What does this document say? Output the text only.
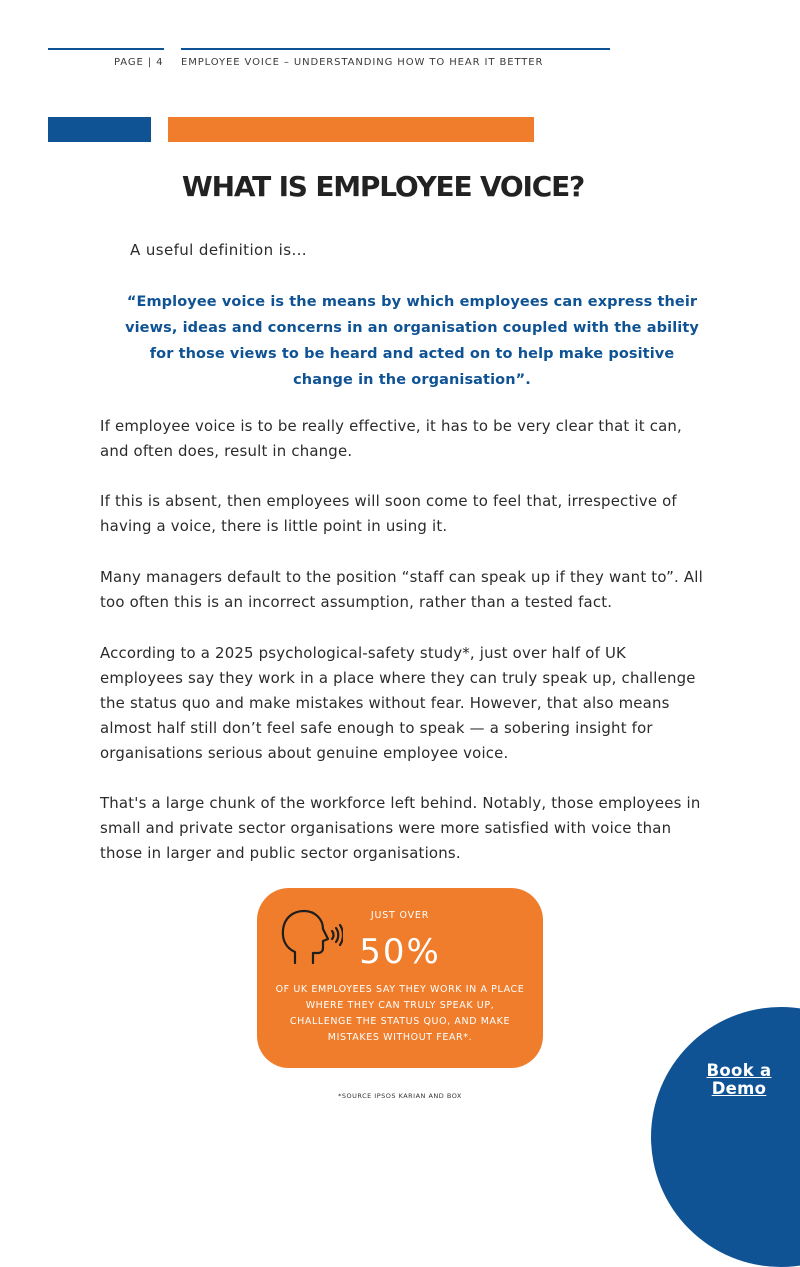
PAGE | 4 EMPLOYEE VOICE – UNDERSTANDING HOW TO HEAR IT BETTER
WHAT IS EMPLOYEE VOICE?
A useful definition is...
“Employee voice is the means by which employees can express their views, ideas and concerns in an organisation coupled with the ability for those views to be heard and acted on to help make positive change in the organisation”.
If employee voice is to be really effective, it has to be very clear that it can,
and often does, result in change.
If this is absent, then employees will soon come to feel that, irrespective of
having a voice, there is little point in using it.
Many managers default to the position “staff can speak up if they want to”. All
too often this is an incorrect assumption, rather than a tested fact.
According to a 2025 psychological-safety study*, just over half of UK
employees say they work in a place where they can truly speak up, challenge
the status quo and make mistakes without fear. However, that also means
almost half still don’t feel safe enough to speak — a sobering insight for
organisations serious about genuine employee voice.
That's a large chunk of the workforce left behind. Notably, those employees in
small and private sector organisations were more satisfied with voice than
those in larger and public sector organisations.
JUST OVER
50%
OF UK EMPLOYEES SAY THEY WORK IN A PLACE WHERE THEY CAN TRULY SPEAK UP, CHALLENGE THE STATUS QUO, AND MAKE MISTAKES WITHOUT FEAR*.
*SOURCE IPSOS KARIAN AND BOX
Book a Demo
